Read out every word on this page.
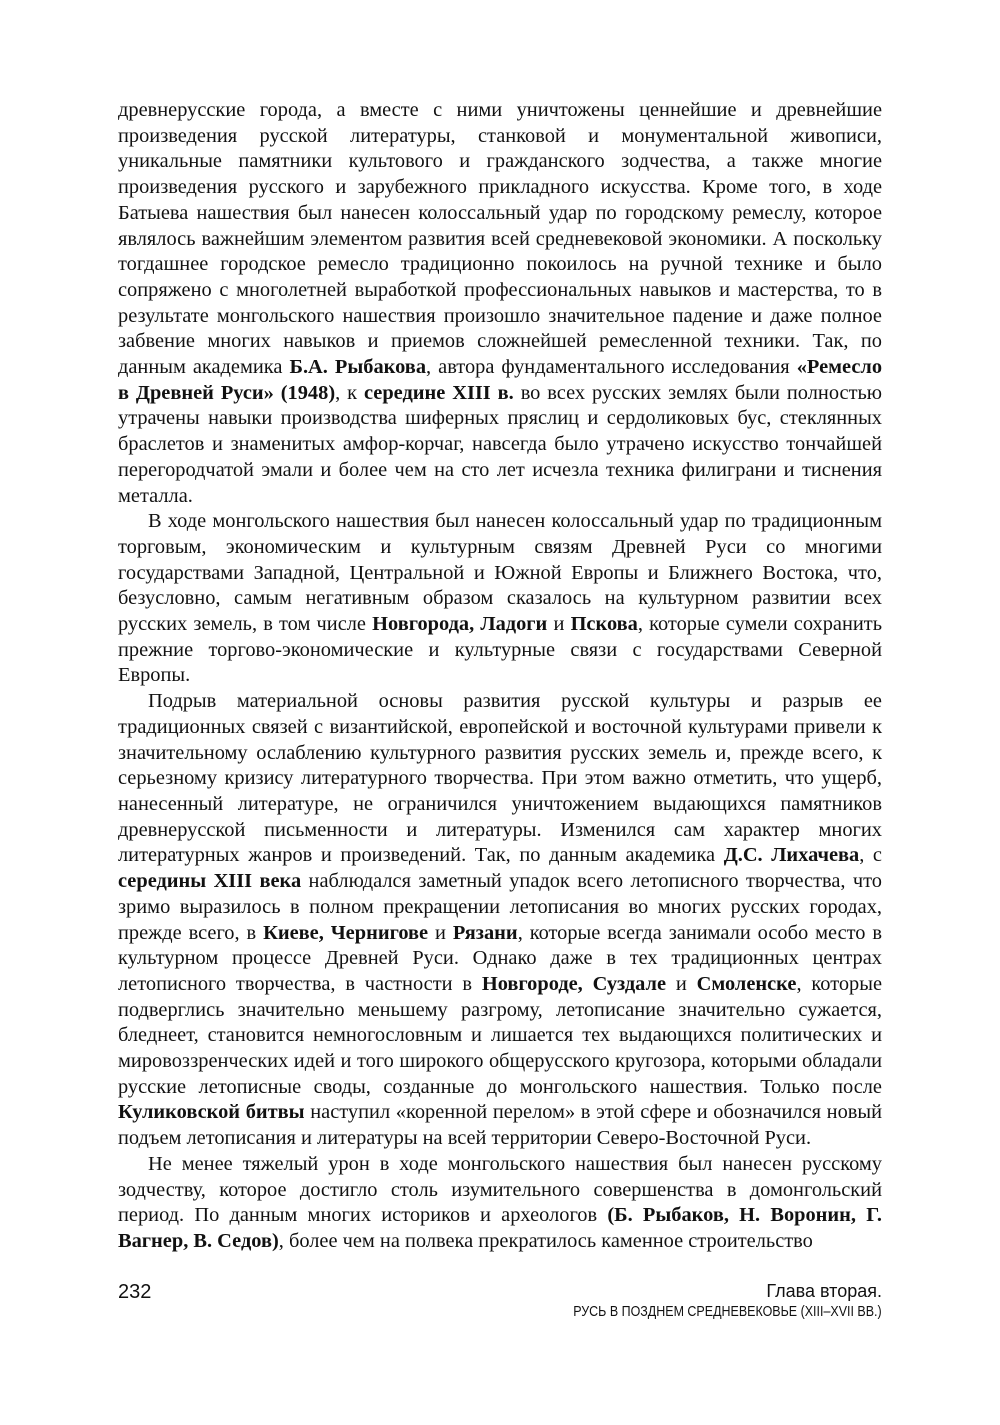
древнерусские города, а вместе с ними уничтожены ценнейшие и древнейшие произведения русской литературы, станковой и монументальной живописи, уникальные памятники культового и гражданского зодчества, а также многие произведения русского и зарубежного прикладного искусства. Кроме того, в ходе Батыева нашествия был нанесен колоссальный удар по городскому ремеслу, которое являлось важнейшим элементом развития всей средневековой экономики. А поскольку тогдашнее городское ремесло традиционно покоилось на ручной технике и было сопряжено с многолетней выработкой профессиональных навыков и мастерства, то в результате монгольского нашествия произошло значительное падение и даже полное забвение многих навыков и приемов сложнейшей ремесленной техники. Так, по данным академика Б.А. Рыбакова, автора фундаментального исследования «Ремесло в Древней Руси» (1948), к середине XIII в. во всех русских землях были полностью утрачены навыки производства шиферных пряслиц и сердоликовых бус, стеклянных браслетов и знаменитых амфор-корчаг, навсегда было утрачено искусство тончайшей перегородчатой эмали и более чем на сто лет исчезла техника филиграни и тиснения металла.

В ходе монгольского нашествия был нанесен колоссальный удар по традиционным торговым, экономическим и культурным связям Древней Руси со многими государствами Западной, Центральной и Южной Европы и Ближнего Востока, что, безусловно, самым негативным образом сказалось на культурном развитии всех русских земель, в том числе Новгорода, Ладоги и Пскова, которые сумели сохранить прежние торгово-экономические и культурные связи с государствами Северной Европы.

Подрыв материальной основы развития русской культуры и разрыв ее традиционных связей с византийской, европейской и восточной культурами привели к значительному ослаблению культурного развития русских земель и, прежде всего, к серьезному кризису литературного творчества. При этом важно отметить, что ущерб, нанесенный литературе, не ограничился уничтожением выдающихся памятников древнерусской письменности и литературы. Изменился сам характер многих литературных жанров и произведений. Так, по данным академика Д.С. Лихачева, с середины XIII века наблюдался заметный упадок всего летописного творчества, что зримо выразилось в полном прекращении летописания во многих русских городах, прежде всего, в Киеве, Чернигове и Рязани, которые всегда занимали особо место в культурном процессе Древней Руси. Однако даже в тех традиционных центрах летописного творчества, в частности в Новгороде, Суздале и Смоленске, которые подверглись значительно меньшему разгрому, летописание значительно сужается, бледнеет, становится немногословным и лишается тех выдающихся политических и мировоззренческих идей и того широкого общерусского кругозора, которыми обладали русские летописные своды, созданные до монгольского нашествия. Только после Куликовской битвы наступил «коренной перелом» в этой сфере и обозначился новый подъем летописания и литературы на всей территории Северо-Восточной Руси.

Не менее тяжелый урон в ходе монгольского нашествия был нанесен русскому зодчеству, которое достигло столь изумительного совершенства в домонгольский период. По данным многих историков и археологов (Б. Рыбаков, Н. Воронин, Г. Вагнер, В. Седов), более чем на полвека прекратилось каменное строительство

232	Глава вторая.
РУСЬ В ПОЗДНЕМ СРЕДНЕВЕКОВЬЕ (XIII–XVII ВВ.)
